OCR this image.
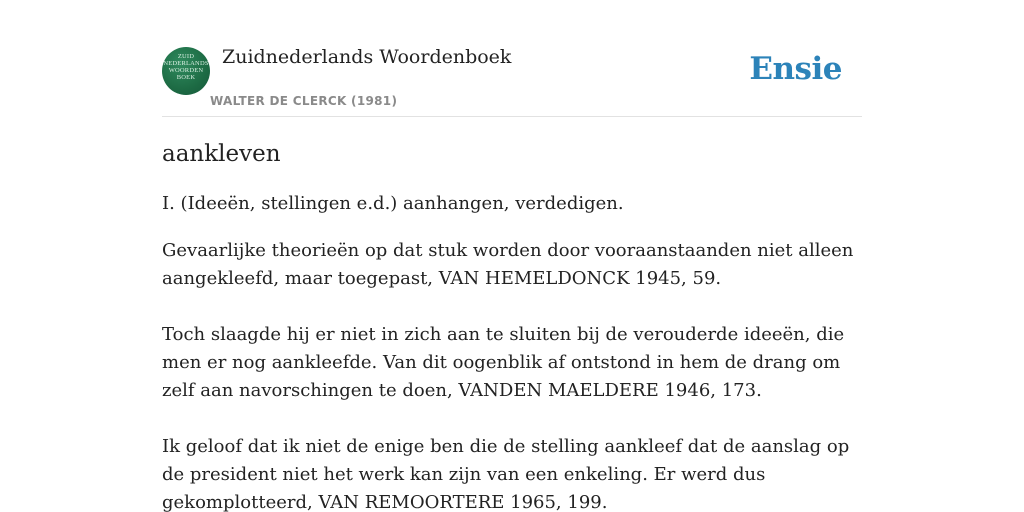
ZUID
NEDERLANDS
WOORDEN
BOEK
Zuidnederlands Woordenboek
WALTER DE CLERCK (1981)
Ensie
aankleven

I. (Ideeën, stellingen e.d.) aanhangen, verdedigen.

Gevaarlijke theorieën op dat stuk worden door vooraanstaanden niet alleen aangekleefd, maar toegepast, VAN HEMELDONCK 1945, 59.

Toch slaagde hij er niet in zich aan te sluiten bij de verouderde ideeën, die men er nog aankleefde. Van dit oogenblik af ontstond in hem de drang om zelf aan navorschingen te doen, VANDEN MAELDERE 1946, 173.

Ik geloof dat ik niet de enige ben die de stelling aankleef dat de aanslag op de president niet het werk kan zijn van een enkeling. Er werd dus gekomplotteerd, VAN REMOORTERE 1965, 199.
